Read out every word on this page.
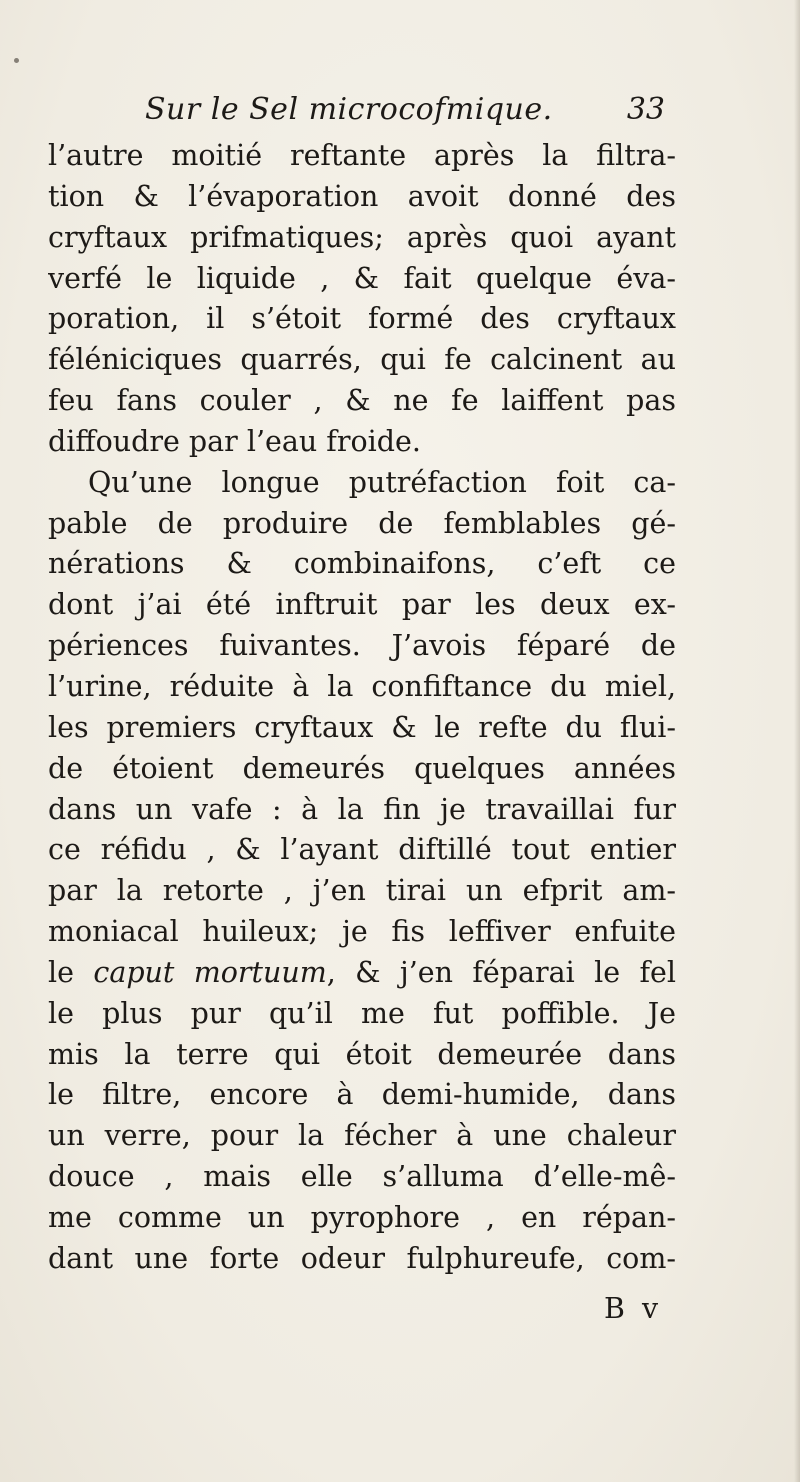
Sur le Sel microcofmique. 33
l’autre moitié reftante après la filtra-
tion & l’évaporation avoit donné des
cryftaux prifmatiques; après quoi ayant
verfé le liquide , & fait quelque éva-
poration, il s’étoit formé des cryftaux
féléniciques quarrés, qui fe calcinent au
feu fans couler , & ne fe laiffent pas
diffoudre par l’eau froide.
Qu’une longue putréfaction foit ca-
pable de produire de femblables gé-
nérations & combinaifons, c’eft ce
dont j’ai été inftruit par les deux ex-
périences fuivantes. J’avois féparé de
l’urine, réduite à la confiftance du miel,
les premiers cryftaux & le refte du flui-
de étoient demeurés quelques années
dans un vafe : à la fin je travaillai fur
ce réfidu , & l’ayant diftillé tout entier
par la retorte , j’en tirai un efprit am-
moniacal huileux; je fis leffiver enfuite
le caput mortuum, & j’en féparai le fel
le plus pur qu’il me fut poffible. Je
mis la terre qui étoit demeurée dans
le filtre, encore à demi-humide, dans
un verre, pour la fécher à une chaleur
douce , mais elle s’alluma d’elle-mê-
me comme un pyrophore , en répan-
dant une forte odeur fulphureufe, com-
B v
